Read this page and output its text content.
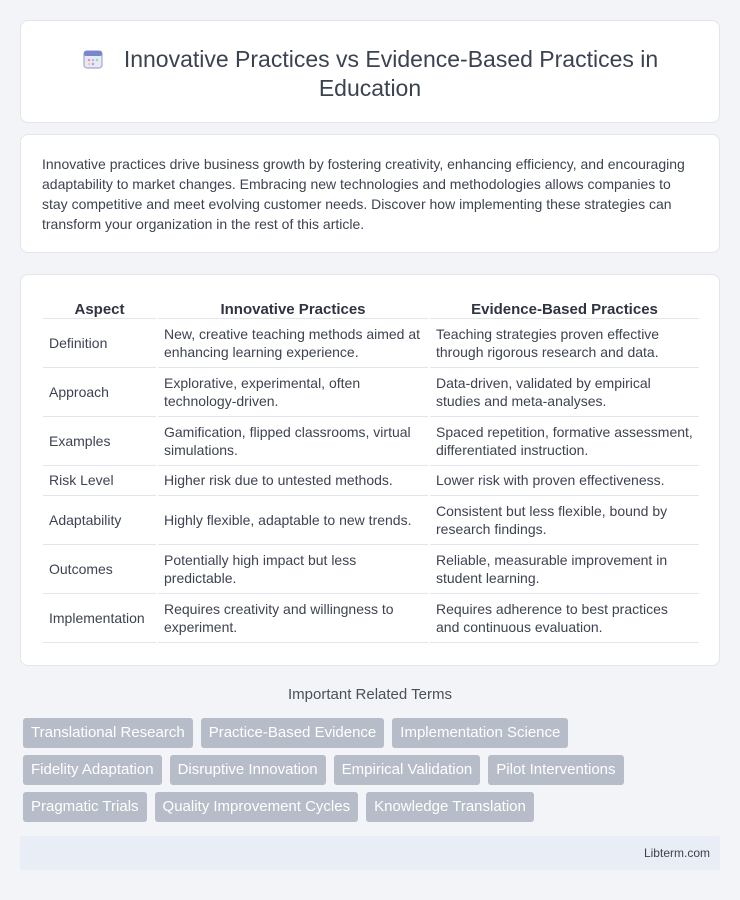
Innovative Practices vs Evidence-Based Practices in Education

Innovative practices drive business growth by fostering creativity, enhancing efficiency, and encouraging adaptability to market changes. Embracing new technologies and methodologies allows companies to stay competitive and meet evolving customer needs. Discover how implementing these strategies can transform your organization in the rest of this article.

Aspect		Innovative Practices		Evidence-Based Practices
Definition		New, creative teaching methods aimed at enhancing learning experience.		Teaching strategies proven effective through rigorous research and data.
Approach		Explorative, experimental, often technology-driven.		Data-driven, validated by empirical studies and meta-analyses.
Examples		Gamification, flipped classrooms, virtual simulations.		Spaced repetition, formative assessment, differentiated instruction.
Risk Level		Higher risk due to untested methods.		Lower risk with proven effectiveness.
Adaptability		Highly flexible, adaptable to new trends.		Consistent but less flexible, bound by research findings.
Outcomes		Potentially high impact but less predictable.		Reliable, measurable improvement in student learning.
Implementation		Requires creativity and willingness to experiment.		Requires adherence to best practices and continuous evaluation.
Important Related Terms
Translational Research	Practice-Based Evidence	Implementation Science
Fidelity Adaptation	Disruptive Innovation	Empirical Validation	Pilot Interventions
Pragmatic Trials	Quality Improvement Cycles	Knowledge Translation
Libterm.com
